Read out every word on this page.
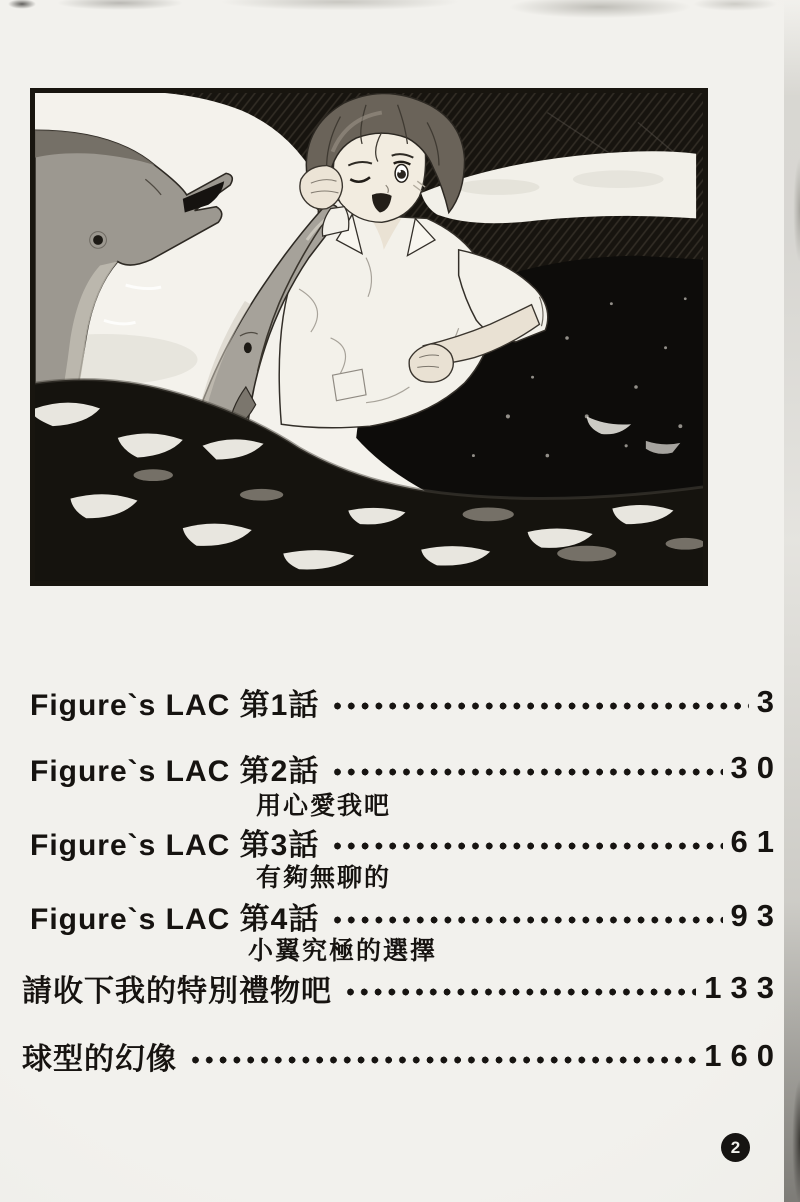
Figure`s LAC 第1話	3
Figure`s LAC 第2話	30
用心愛我吧
Figure`s LAC 第3話	61
有夠無聊的
Figure`s LAC 第4話	93
小翼究極的選擇
請收下我的特別禮物吧	133
球型的幻像	160
2
